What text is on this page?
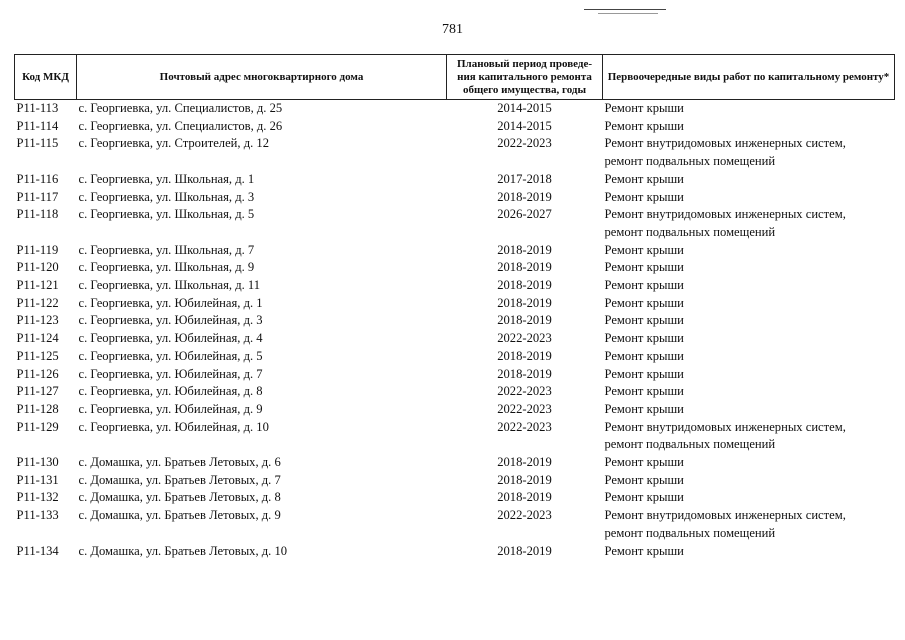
781
Код МКД	Почтовый адрес многоквартирного дома	Плановый период проведе-ния капитального ремонта общего имущества, годы	Первоочередные виды работ по капитальному ремонту*
Р11-113	с. Георгиевка, ул. Специалистов, д. 25	2014-2015	Ремонт крыши

Р11-114	с. Георгиевка, ул. Специалистов, д. 26	2014-2015	Ремонт крыши

Р11-115	с. Георгиевка, ул. Строителей, д. 12	2022-2023	Ремонт внутридомовых инженерных систем,
ремонт подвальных помещений

Р11-116	с. Георгиевка, ул. Школьная, д. 1	2017-2018	Ремонт крыши

Р11-117	с. Георгиевка, ул. Школьная, д. 3	2018-2019	Ремонт крыши

Р11-118	с. Георгиевка, ул. Школьная, д. 5	2026-2027	Ремонт внутридомовых инженерных систем,
ремонт подвальных помещений

Р11-119	с. Георгиевка, ул. Школьная, д. 7	2018-2019	Ремонт крыши

Р11-120	с. Георгиевка, ул. Школьная, д. 9	2018-2019	Ремонт крыши

Р11-121	с. Георгиевка, ул. Школьная, д. 11	2018-2019	Ремонт крыши

Р11-122	с. Георгиевка, ул. Юбилейная, д. 1	2018-2019	Ремонт крыши

Р11-123	с. Георгиевка, ул. Юбилейная, д. 3	2018-2019	Ремонт крыши

Р11-124	с. Георгиевка, ул. Юбилейная, д. 4	2022-2023	Ремонт крыши

Р11-125	с. Георгиевка, ул. Юбилейная, д. 5	2018-2019	Ремонт крыши

Р11-126	с. Георгиевка, ул. Юбилейная, д. 7	2018-2019	Ремонт крыши

Р11-127	с. Георгиевка, ул. Юбилейная, д. 8	2022-2023	Ремонт крыши

Р11-128	с. Георгиевка, ул. Юбилейная, д. 9	2022-2023	Ремонт крыши

Р11-129	с. Георгиевка, ул. Юбилейная, д. 10	2022-2023	Ремонт внутридомовых инженерных систем,
ремонт подвальных помещений

Р11-130	с. Домашка, ул. Братьев Летовых, д. 6	2018-2019	Ремонт крыши

Р11-131	с. Домашка, ул. Братьев Летовых, д. 7	2018-2019	Ремонт крыши

Р11-132	с. Домашка, ул. Братьев Летовых, д. 8	2018-2019	Ремонт крыши

Р11-133	с. Домашка, ул. Братьев Летовых, д. 9	2022-2023	Ремонт внутридомовых инженерных систем,
ремонт подвальных помещений

Р11-134	с. Домашка, ул. Братьев Летовых, д. 10	2018-2019	Ремонт крыши
